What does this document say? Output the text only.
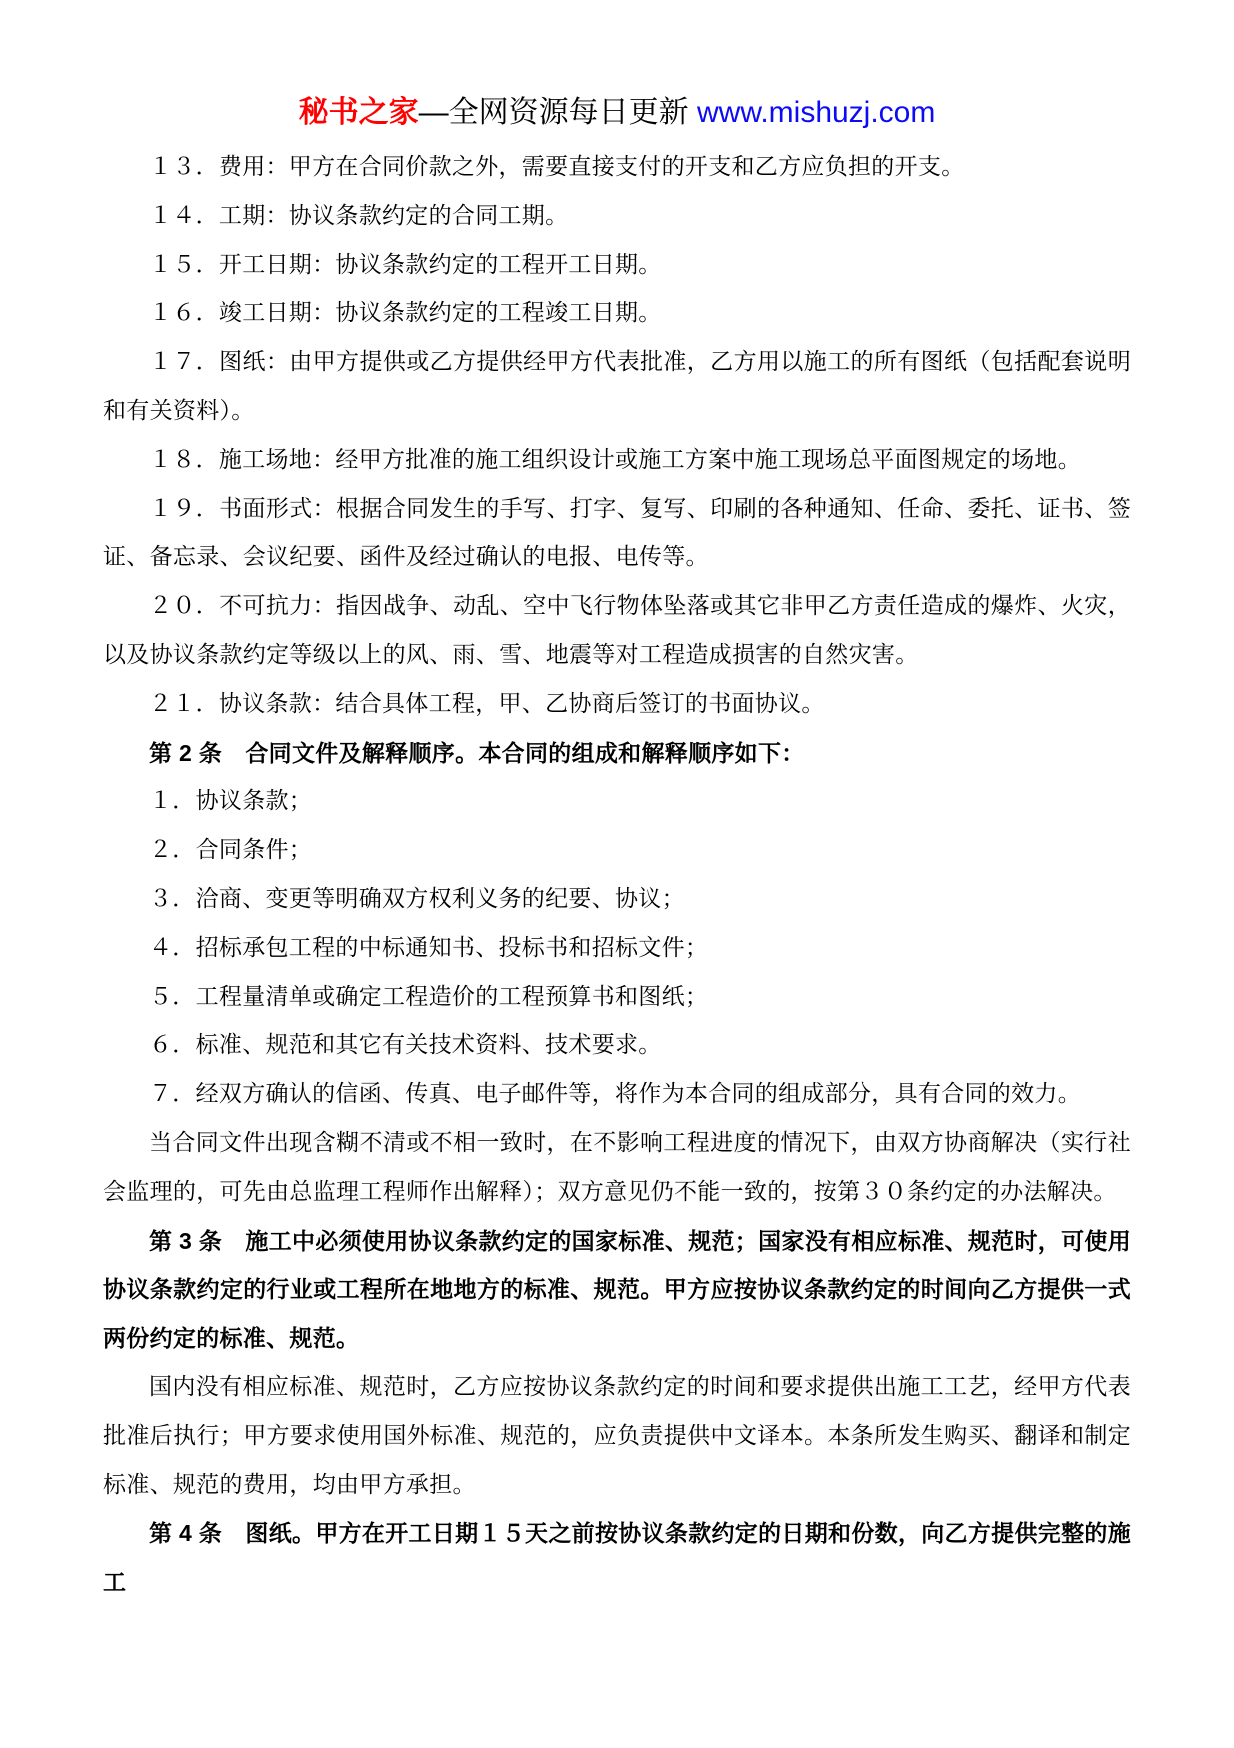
秘书之家—全网资源每日更新 www.mishuzj.com

１３．费用：甲方在合同价款之外，需要直接支付的开支和乙方应负担的开支。

１４．工期：协议条款约定的合同工期。

１５．开工日期：协议条款约定的工程开工日期。

１６．竣工日期：协议条款约定的工程竣工日期。

１７．图纸：由甲方提供或乙方提供经甲方代表批准，乙方用以施工的所有图纸（包括配套说明和有关资料）。

１８．施工场地：经甲方批准的施工组织设计或施工方案中施工现场总平面图规定的场地。

１９．书面形式：根据合同发生的手写、打字、复写、印刷的各种通知、任命、委托、证书、签证、备忘录、会议纪要、函件及经过确认的电报、电传等。

２０．不可抗力：指因战争、动乱、空中飞行物体坠落或其它非甲乙方责任造成的爆炸、火灾，以及协议条款约定等级以上的风、雨、雪、地震等对工程造成损害的自然灾害。

２１．协议条款：结合具体工程，甲、乙协商后签订的书面协议。

第 2 条　合同文件及解释顺序。本合同的组成和解释顺序如下：

１．协议条款；

２．合同条件；

３．洽商、变更等明确双方权利义务的纪要、协议；

４．招标承包工程的中标通知书、投标书和招标文件；

５．工程量清单或确定工程造价的工程预算书和图纸；

６．标准、规范和其它有关技术资料、技术要求。

７．经双方确认的信函、传真、电子邮件等，将作为本合同的组成部分，具有合同的效力。

当合同文件出现含糊不清或不相一致时，在不影响工程进度的情况下，由双方协商解决（实行社会监理的，可先由总监理工程师作出解释）；双方意见仍不能一致的，按第３０条约定的办法解决。

第 3 条　施工中必须使用协议条款约定的国家标准、规范；国家没有相应标准、规范时，可使用协议条款约定的行业或工程所在地地方的标准、规范。甲方应按协议条款约定的时间向乙方提供一式两份约定的标准、规范。

国内没有相应标准、规范时，乙方应按协议条款约定的时间和要求提供出施工工艺，经甲方代表批准后执行；甲方要求使用国外标准、规范的，应负责提供中文译本。本条所发生购买、翻译和制定标准、规范的费用，均由甲方承担。

第 4 条　图纸。甲方在开工日期１５天之前按协议条款约定的日期和份数，向乙方提供完整的施工
